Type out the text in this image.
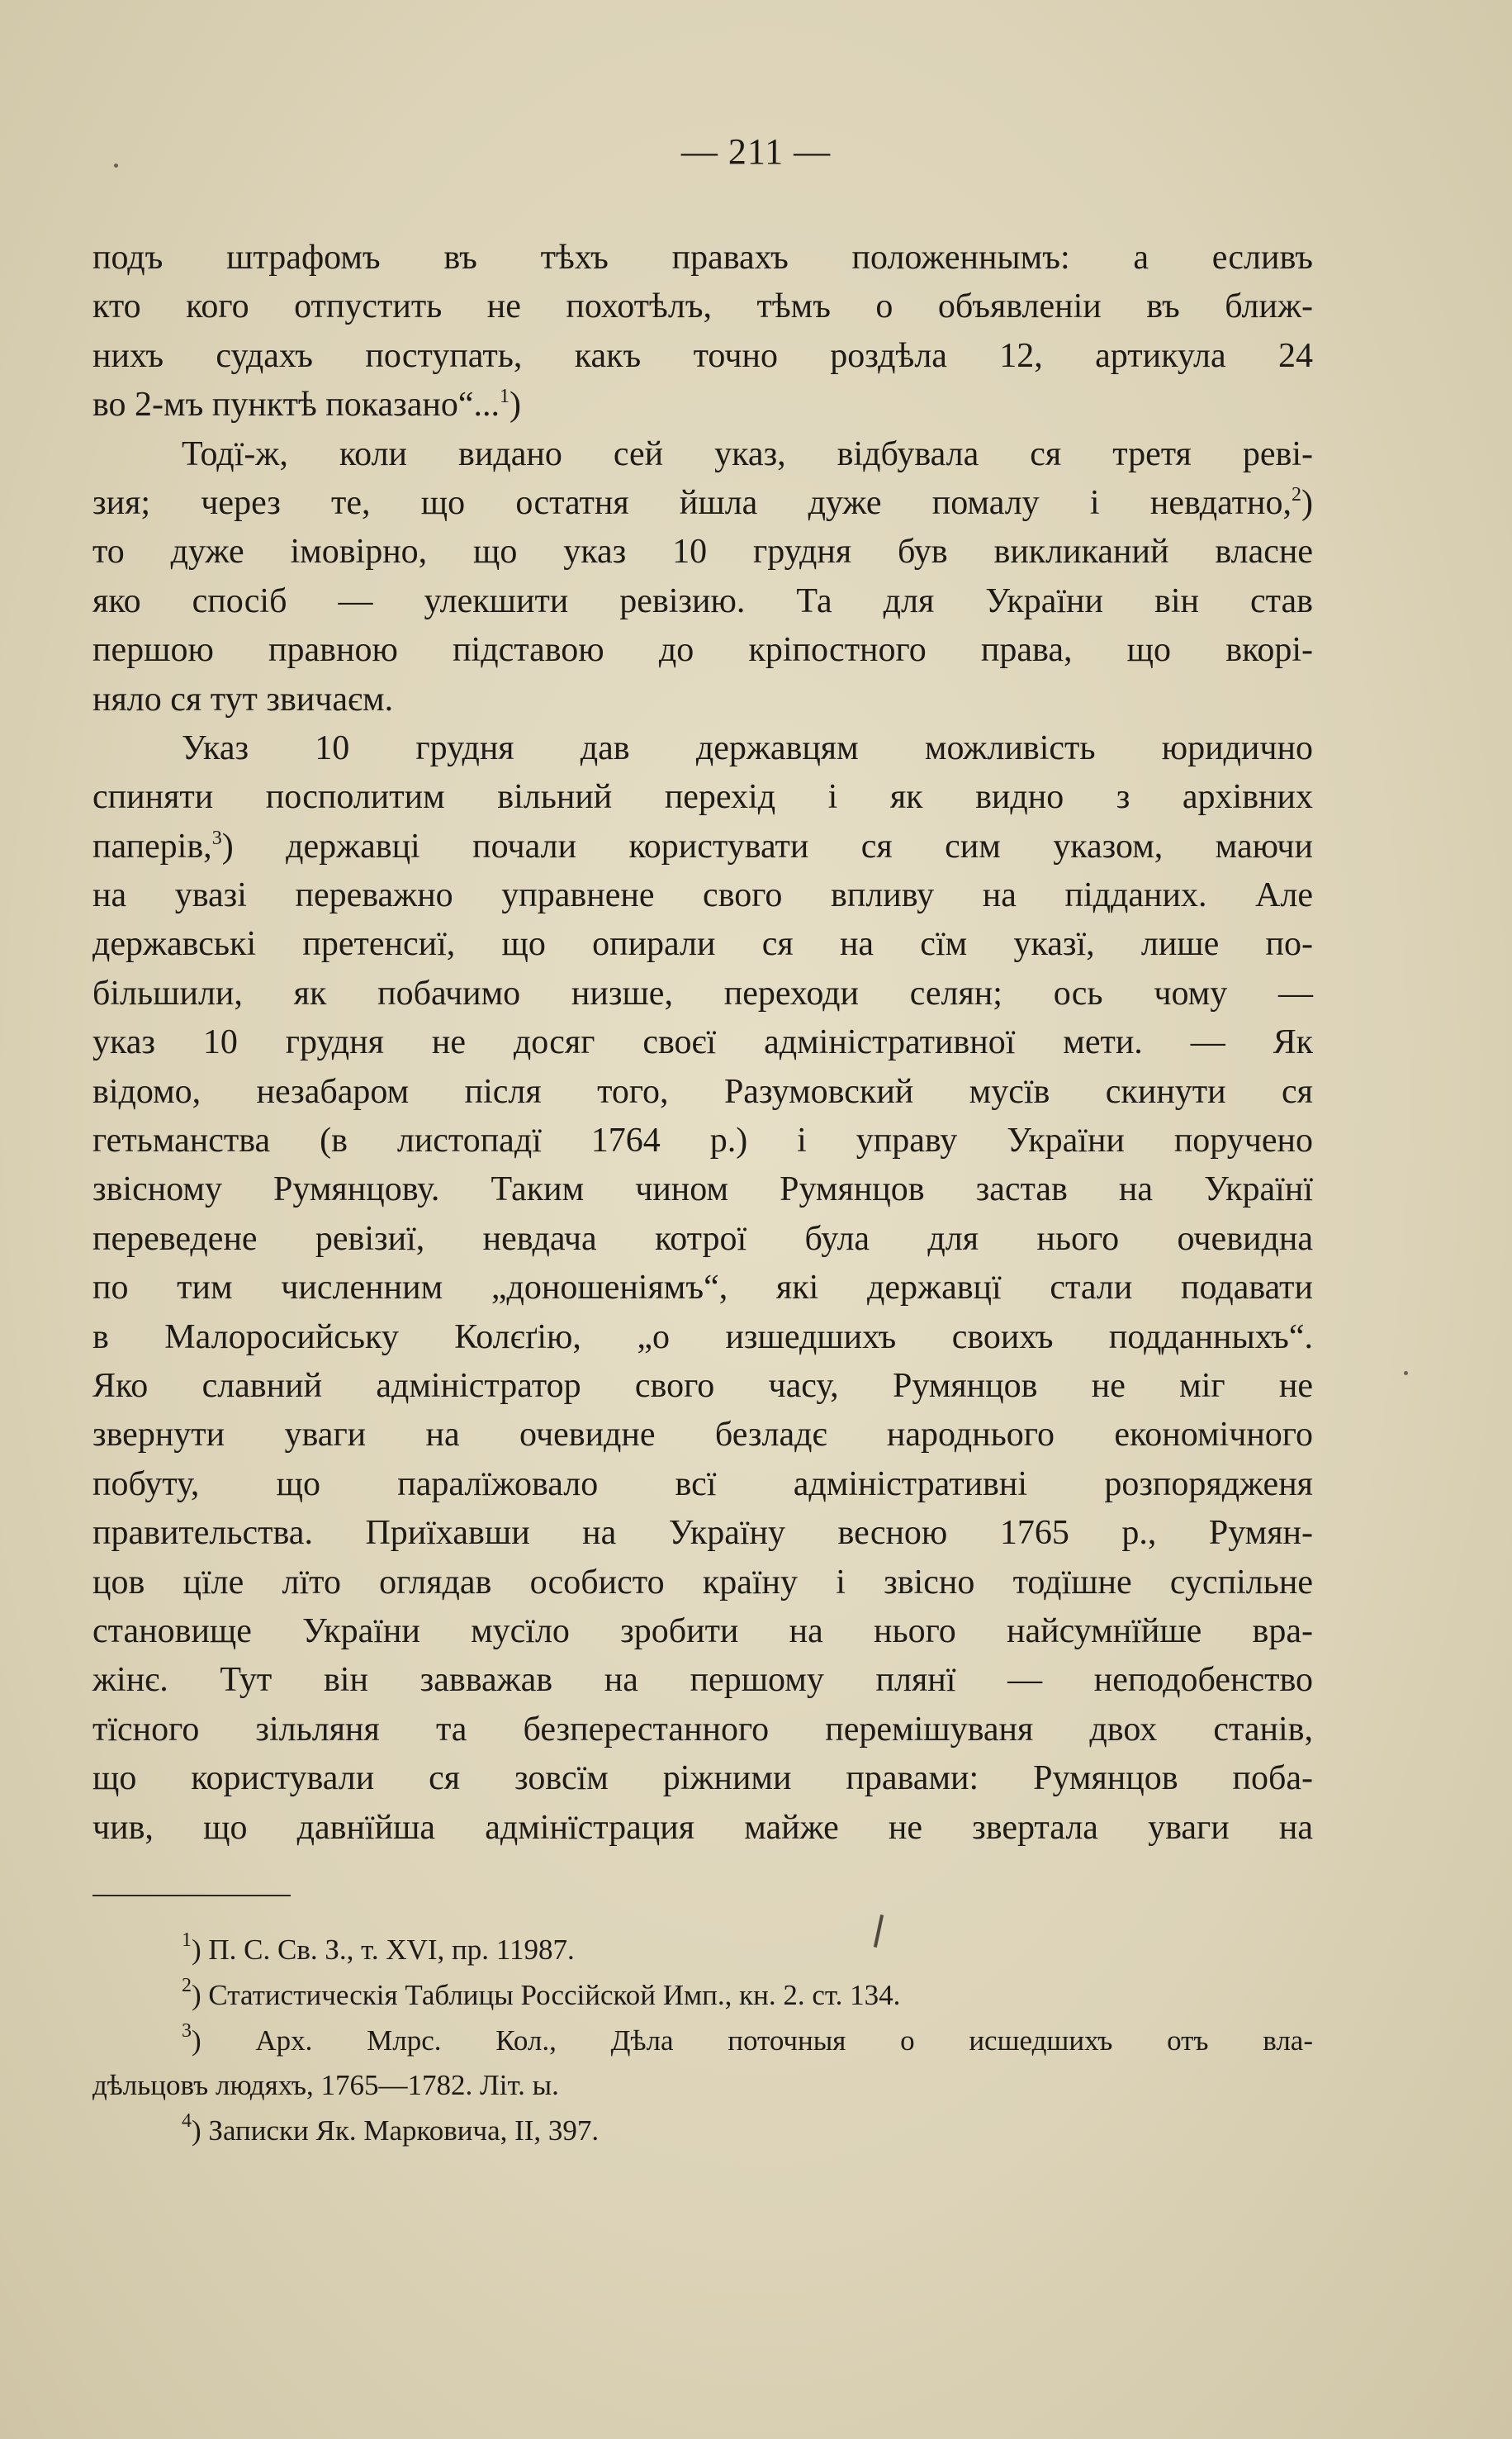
— 211 —
подъ штрафомъ въ тѣхъ правахъ положеннымъ: а есливъ
кто кого отпустить не похотѣлъ, тѣмъ о объявленіи въ ближ-
нихъ судахъ поступать, какъ точно роздѣла 12, артикула 24
во 2-мъ пунктѣ показано“...$^1$)
Тодї-ж, коли видано сей указ, відбувала ся третя реві-
зия; через те, що остатня йшла дуже помалу і невдатно,$^2$)
то дуже імовірно, що указ 10 грудня був викликаний власне
яко спосіб — улекшити ревізию. Та для України він став
першою правною підставою до кріпостного права, що вкорі-
няло ся тут звичаєм.
Указ 10 грудня дав державцям можливість юридично
спиняти посполитим вільний перехід і як видно з архівних
паперів,$^3$) державці почали користувати ся сим указом, маючи
на увазі переважно управнене свого впливу на підданих. Але
державські претенсиї, що опирали ся на сїм указї, лише по-
більшили, як побачимо низше, переходи селян; ось чому —
указ 10 грудня не досяг своєї адміністративної мети. — Як
відомо, незабаром після того, Разумовский мусїв скинути ся
гетьманства (в листопадї 1764 р.) і управу України поручено
звісному Румянцову. Таким чином Румянцов застав на Українї
переведене ревізиї, невдача котрої була для нього очевидна
по тим численним „доношеніямъ“, які державцї стали подавати
в Малоросийську Колєґію, „о изшедшихъ своихъ подданныхъ“.
Яко славний адміністратор свого часу, Румянцов не міг не
звернути уваги на очевидне безладє народнього економічного
побуту, що паралїжовало всї адміністративні розпорядженя
правительства. Приїхавши на Україну весною 1765 р., Румян-
цов цїле лїто оглядав особисто країну і звісно тодїшне суспільне
становище України мусїло зробити на нього найсумнїйше вра-
жінє. Тут він завважав на першому плянї — неподобенство
тїсного зільляня та безперестанного перемішуваня двох станів,
що користували ся зовсїм ріжними правами: Румянцов поба-
чив, що давнїйша адмінїстрация майже не звертала уваги на
$^1$) П. С. Св. З., т. XVI, пр. 11987.
$^2$) Статистическія Таблицы Россійской Имп., кн. 2. ст. 134.
$^3$) Арх. Млрс. Кол., Дѣла поточныя о исшедшихъ отъ вла-
дѣльцовъ людяхъ, 1765—1782. Літ. ы.
$^4$) Записки Як. Марковича, II, 397.
